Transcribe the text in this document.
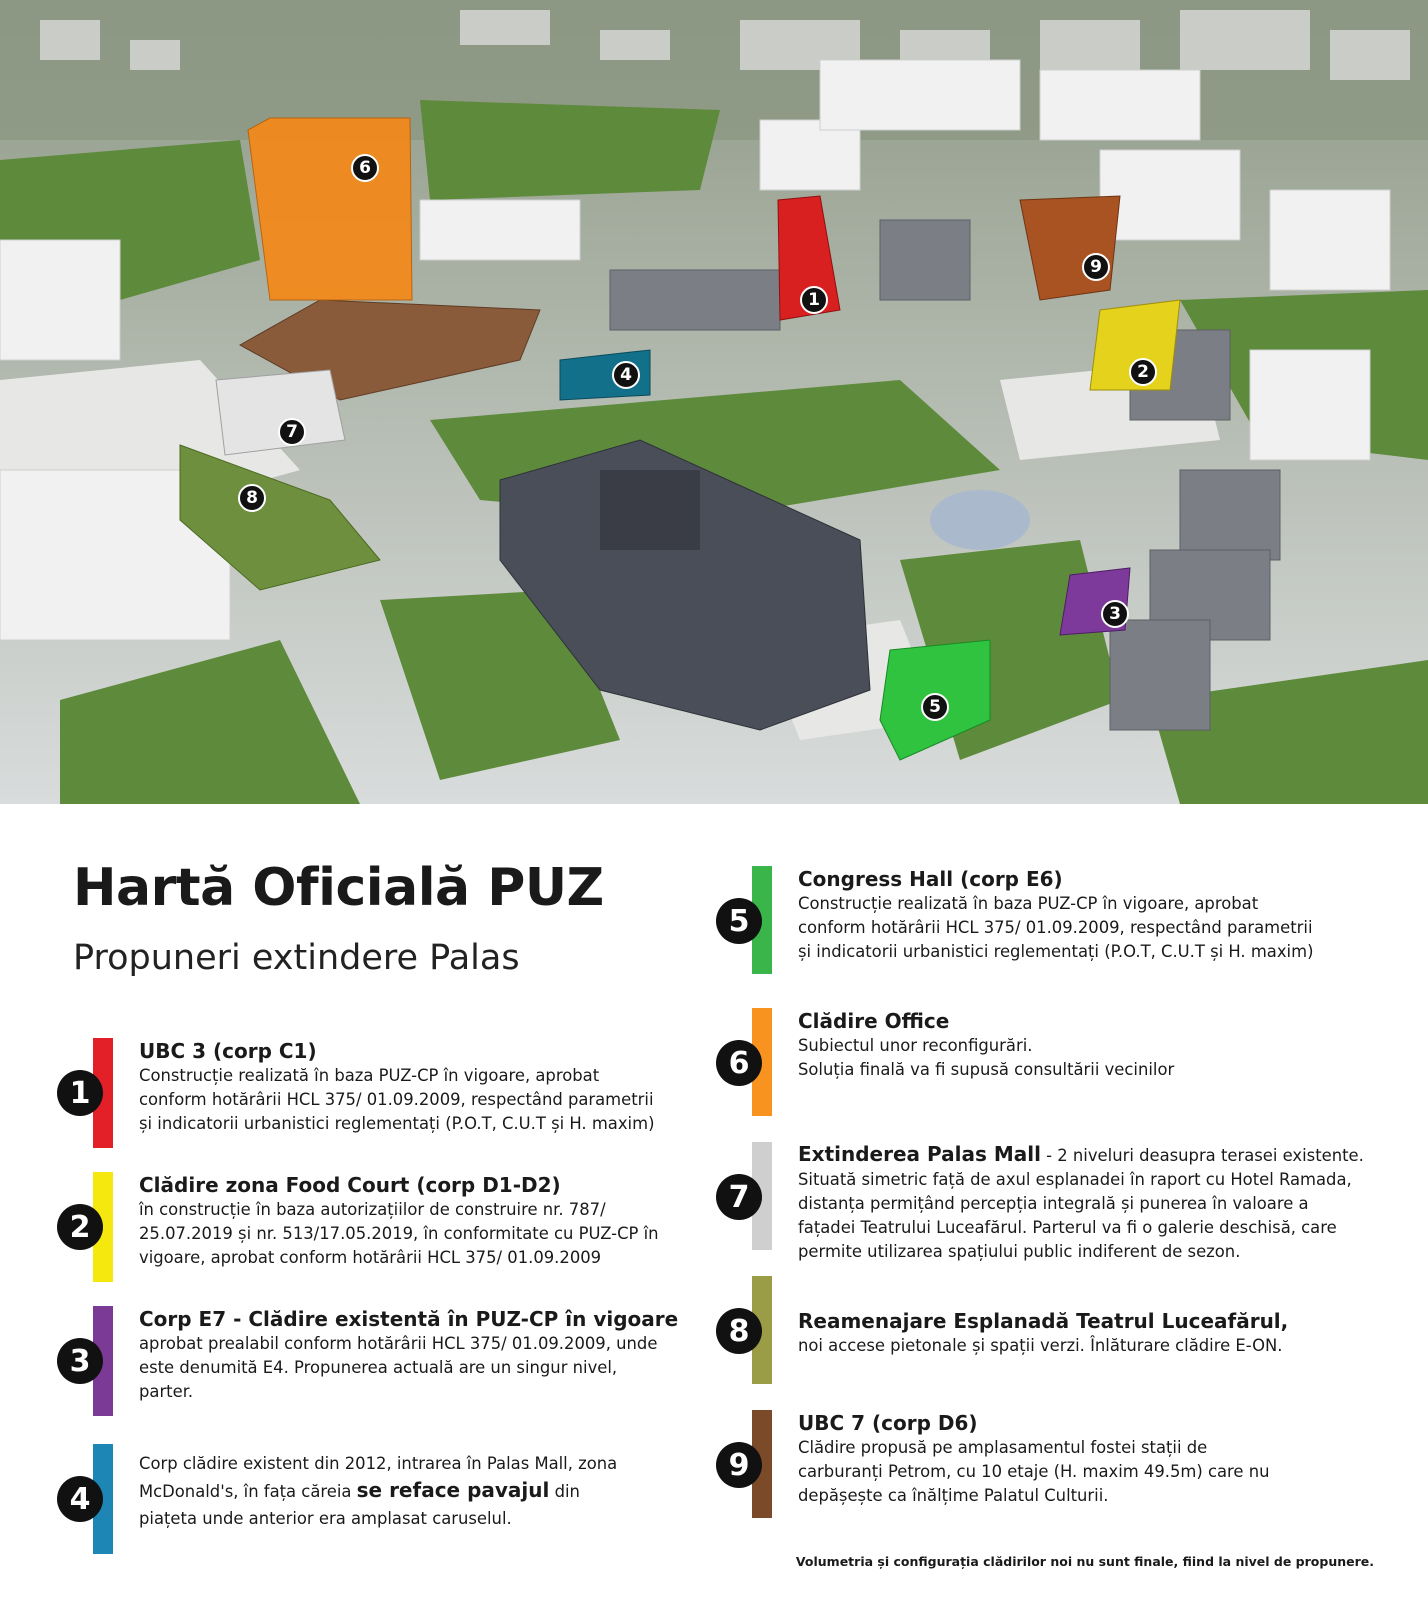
6
1
9
2
4
7
8
3
5
Hartă Oficială PUZ
Propuneri extindere Palas
1
UBC 3 (corp C1)
Construcție realizată în baza PUZ-CP în vigoare, aprobat
conform hotărârii HCL 375/ 01.09.2009, respectând parametrii
și indicatorii urbanistici reglementați (P.O.T, C.U.T și H. maxim)
2
Clădire zona Food Court (corp D1-D2)
în construcție în baza autorizațiilor de construire nr. 787/
25.07.2019 și nr. 513/17.05.2019, în conformitate cu PUZ-CP în
vigoare, aprobat conform hotărârii HCL 375/ 01.09.2009
3
Corp E7 - Clădire existentă în PUZ-CP în vigoare
aprobat prealabil conform hotărârii HCL 375/ 01.09.2009, unde
este denumită E4. Propunerea actuală are un singur nivel,
parter.
4
Corp clădire existent din 2012, intrarea în Palas Mall, zona
McDonald's, în fața căreia se reface pavajul din
piațeta unde anterior era amplasat caruselul.
5
Congress Hall (corp E6)
Construcție realizată în baza PUZ-CP în vigoare, aprobat
conform hotărârii HCL 375/ 01.09.2009, respectând parametrii
și indicatorii urbanistici reglementați (P.O.T, C.U.T și H. maxim)
6
Clădire Office
Subiectul unor reconfigurări.
Soluția finală va fi supusă consultării vecinilor
7
Extinderea Palas Mall - 2 niveluri deasupra terasei existente.
Situată simetric față de axul esplanadei în raport cu Hotel Ramada,
distanța permițând percepția integrală și punerea în valoare a
fațadei Teatrului Luceafărul. Parterul va fi o galerie deschisă, care
permite utilizarea spațiului public indiferent de sezon.
8	Reamenajare Esplanadă Teatrul Luceafărul,
noi accese pietonale și spații verzi. Înlăturare clădire E-ON.
9
UBC 7 (corp D6)
Clădire propusă pe amplasamentul fostei stații de
carburanți Petrom, cu 10 etaje (H. maxim 49.5m) care nu
depășește ca înălțime Palatul Culturii.
Volumetria și configurația clădirilor noi nu sunt finale, fiind la nivel de propunere.
